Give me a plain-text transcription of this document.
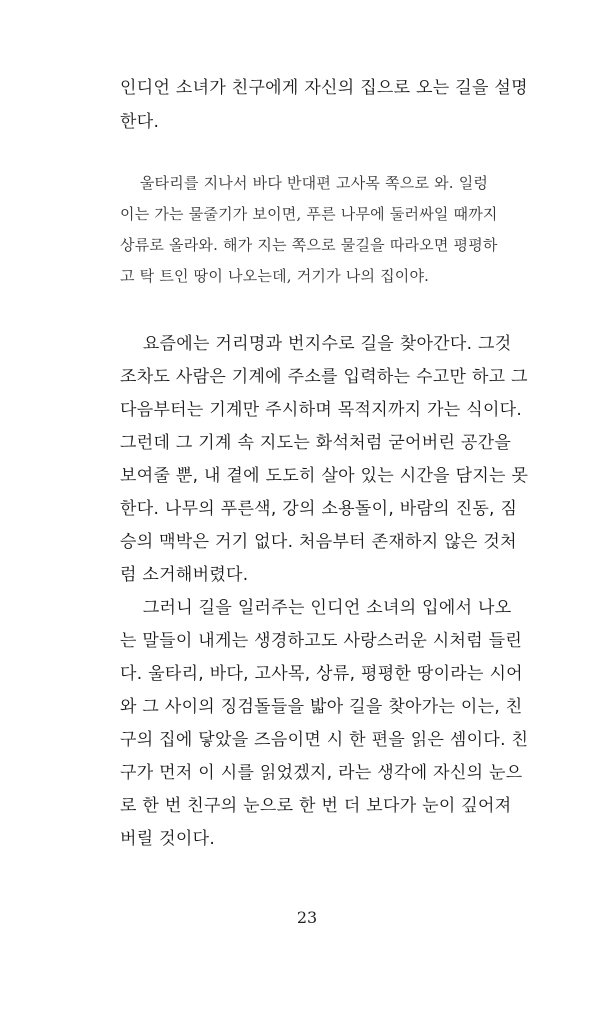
인디언 소녀가 친구에게 자신의 집으로 오는 길을 설명
한다.
울타리를 지나서 바다 반대편 고사목 쪽으로 와. 일렁
이는 가는 물줄기가 보이면, 푸른 나무에 둘러싸일 때까지
상류로 올라와. 해가 지는 쪽으로 물길을 따라오면 평평하
고 탁 트인 땅이 나오는데, 거기가 나의 집이야.
요즘에는 거리명과 번지수로 길을 찾아간다. 그것
조차도 사람은 기계에 주소를 입력하는 수고만 하고 그
다음부터는 기계만 주시하며 목적지까지 가는 식이다.
그런데 그 기계 속 지도는 화석처럼 굳어버린 공간을
보여줄 뿐, 내 곁에 도도히 살아 있는 시간을 담지는 못
한다. 나무의 푸른색, 강의 소용돌이, 바람의 진동, 짐
승의 맥박은 거기 없다. 처음부터 존재하지 않은 것처
럼 소거해버렸다.
그러니 길을 일러주는 인디언 소녀의 입에서 나오
는 말들이 내게는 생경하고도 사랑스러운 시처럼 들린
다. 울타리, 바다, 고사목, 상류, 평평한 땅이라는 시어
와 그 사이의 징검돌들을 밟아 길을 찾아가는 이는, 친
구의 집에 닿았을 즈음이면 시 한 편을 읽은 셈이다. 친
구가 먼저 이 시를 읽었겠지, 라는 생각에 자신의 눈으
로 한 번 친구의 눈으로 한 번 더 보다가 눈이 깊어져
버릴 것이다.
23
